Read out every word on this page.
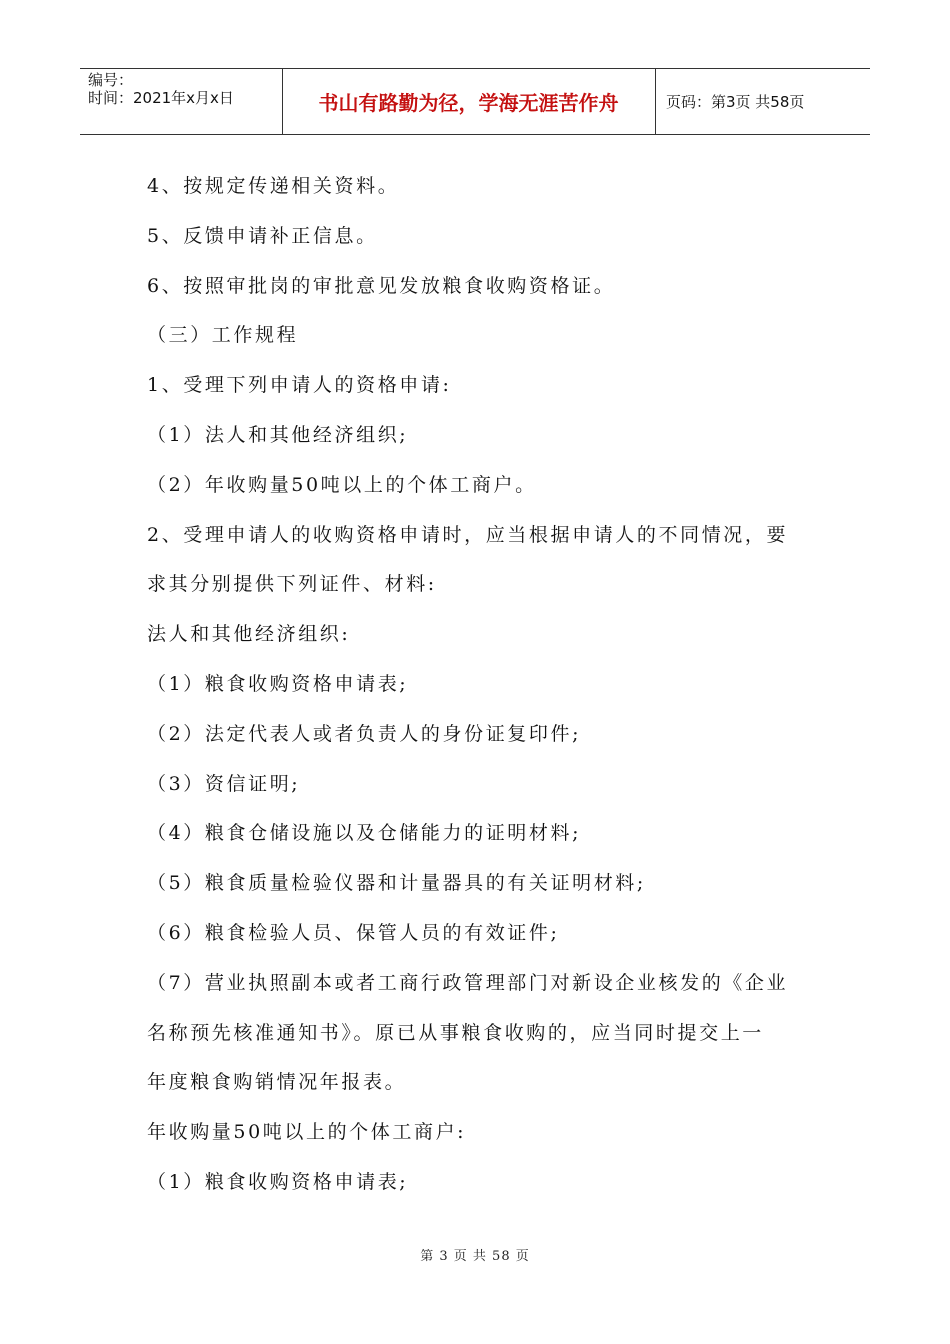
编号：
时间：2021年x月x日	书山有路勤为径，学海无涯苦作舟	页码：第3页 共58页
4、按规定传递相关资料。
5、反馈申请补正信息。
6、按照审批岗的审批意见发放粮食收购资格证。
（三）工作规程
1、受理下列申请人的资格申请:
（1）法人和其他经济组织;
（2）年收购量50吨以上的个体工商户。
2、受理申请人的收购资格申请时，应当根据申请人的不同情况，要
求其分别提供下列证件、材料:
法人和其他经济组织:
（1）粮食收购资格申请表;
（2）法定代表人或者负责人的身份证复印件;
（3）资信证明;
（4）粮食仓储设施以及仓储能力的证明材料;
（5）粮食质量检验仪器和计量器具的有关证明材料;
（6）粮食检验人员、保管人员的有效证件;
（7）营业执照副本或者工商行政管理部门对新设企业核发的《企业
名称预先核准通知书》。原已从事粮食收购的，应当同时提交上一
年度粮食购销情况年报表。
年收购量50吨以上的个体工商户:
（1）粮食收购资格申请表;
第 3 页 共 58 页
